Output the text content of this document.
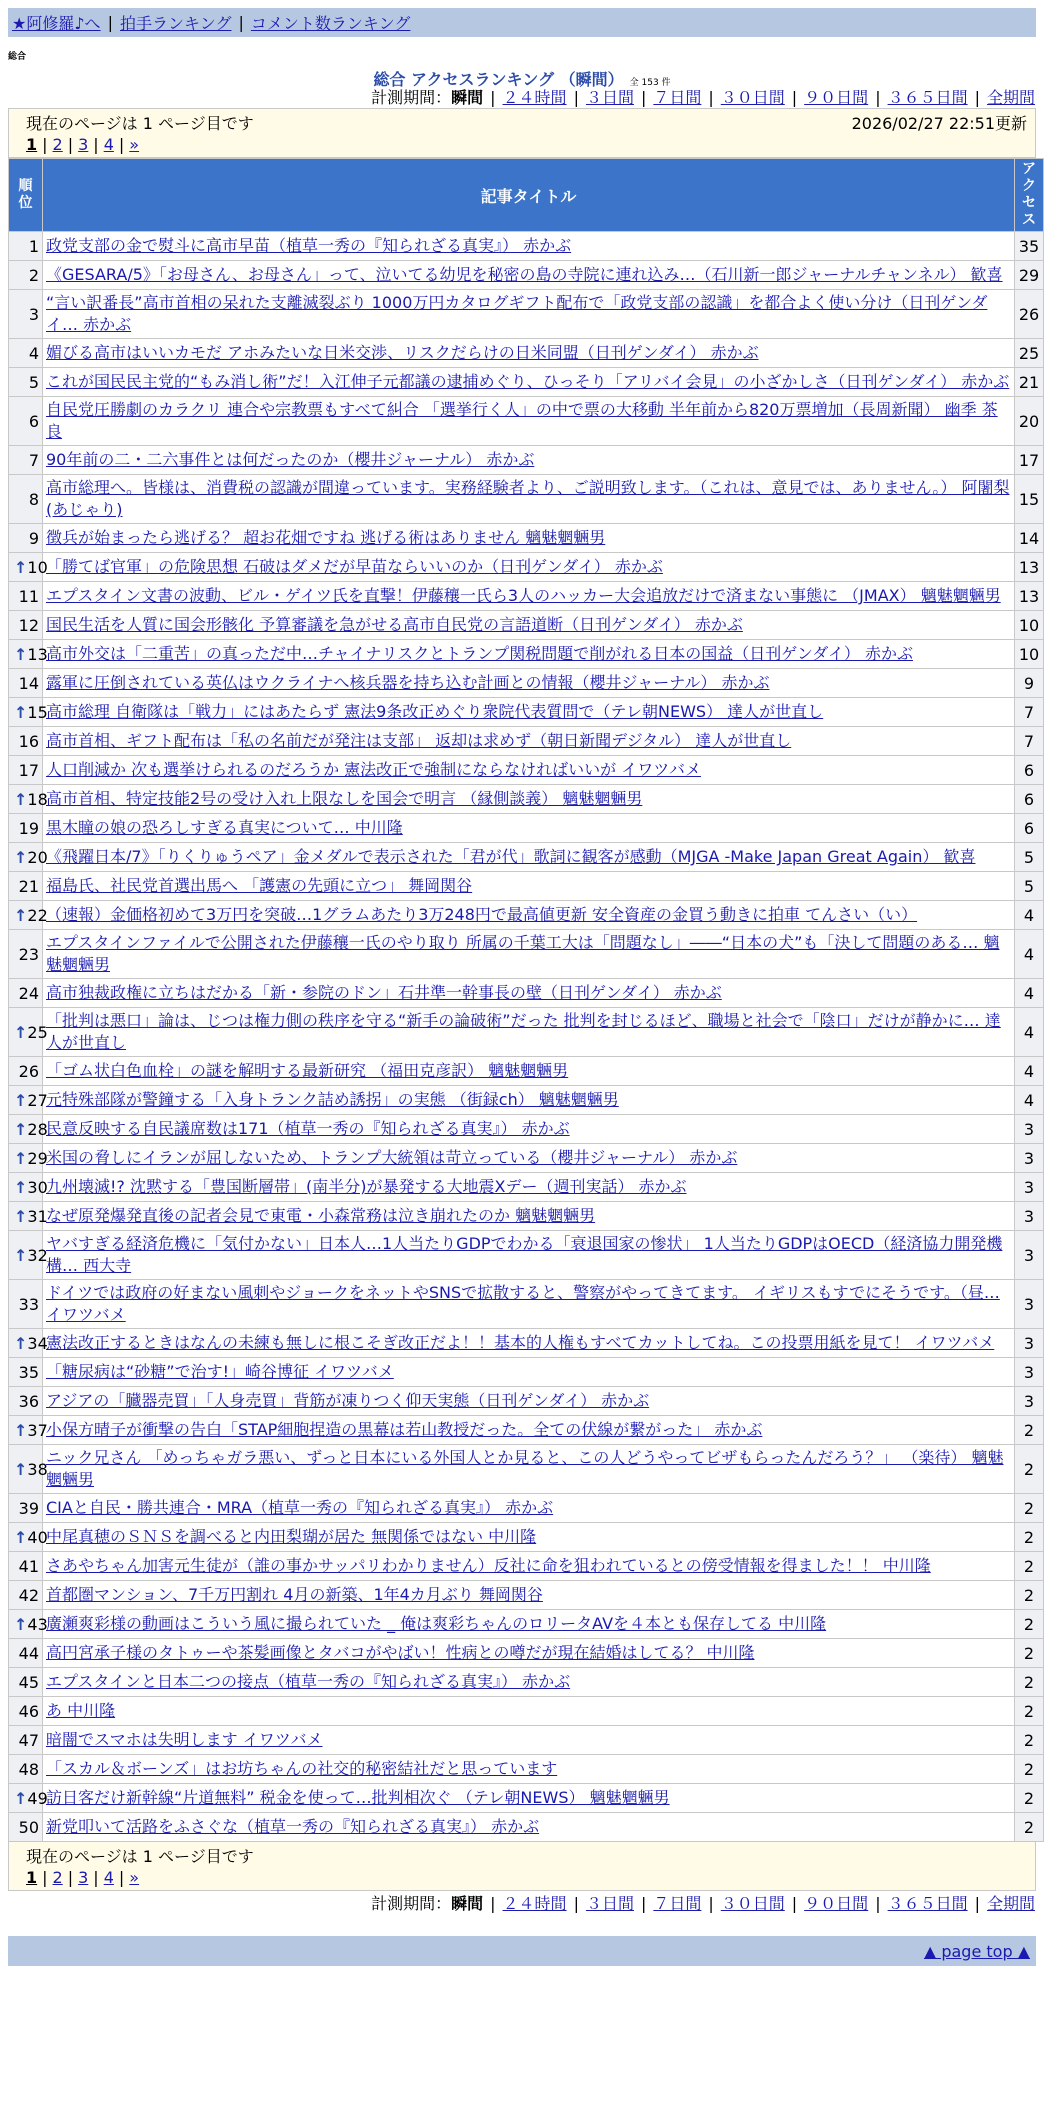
★阿修羅♪へ | 拍手ランキング | コメント数ランキング
総合
総合 アクセスランキング （瞬間） 全 153 件
計測期間：瞬間 | ２４時間 | ３日間 | ７日間 | ３０日間 | ９０日間 | ３６５日間 | 全期間
現在のページは 1 ページ目です	2026/02/27 22:51更新
1 | 2 | 3 | 4 | »
順位	記事タイトル	アクセス
1	政党支部の金で熨斗に高市早苗（植草一秀の『知られざる真実』） 赤かぶ	35
2	《GESARA/5》「お母さん、お母さん」って、泣いてる幼児を秘密の島の寺院に連れ込み…（石川新一郎ジャーナルチャンネル） 歓喜	29
3	“言い訳番長”高市首相の呆れた支離滅裂ぶり 1000万円カタログギフト配布で「政党支部の認識」を都合よく使い分け（日刊ゲンダイ… 赤かぶ	26
4	媚びる高市はいいカモだ アホみたいな日米交渉、リスクだらけの日米同盟（日刊ゲンダイ） 赤かぶ	25
5	これが国民民主党的“もみ消し術”だ！入江伸子元都議の逮捕めぐり、ひっそり「アリバイ会見」の小ざかしさ（日刊ゲンダイ） 赤かぶ	21
6	自民党圧勝劇のカラクリ 連合や宗教票もすべて糾合 「選挙行く人」の中で票の大移動 半年前から820万票増加（長周新聞） 幽季 茶良	20
7	90年前の二・二六事件とは何だったのか（櫻井ジャーナル） 赤かぶ	17
8	高市総理へ。皆様は、消費税の認識が間違っています。実務経験者より、ご説明致します。（これは、意見では、ありません。） 阿闍梨(あじゃり)	15
9	徴兵が始まったら逃げる？ 超お花畑ですね 逃げる術はありません 魑魅魍魎男	14

↑ 10	「勝てば官軍」の危険思想 石破はダメだが早苗ならいいのか（日刊ゲンダイ） 赤かぶ	13
11	エプスタイン文書の波動、ビル・ゲイツ氏を直撃！伊藤穰一氏ら3人のハッカー大会追放だけで済まない事態に （JMAX） 魑魅魍魎男	13
12	国民生活を人質に国会形骸化 予算審議を急がせる高市自民党の言語道断（日刊ゲンダイ） 赤かぶ	10

↑ 13	高市外交は「二重苦」の真っただ中…チャイナリスクとトランプ関税問題で削がれる日本の国益（日刊ゲンダイ） 赤かぶ	10
14	露軍に圧倒されている英仏はウクライナへ核兵器を持ち込む計画との情報（櫻井ジャーナル） 赤かぶ	9

↑ 15	高市総理 自衛隊は「戦力」にはあたらず 憲法9条改正めぐり衆院代表質問で（テレ朝NEWS） 達人が世直し	7
16	高市首相、ギフト配布は「私の名前だが発注は支部」 返却は求めず（朝日新聞デジタル） 達人が世直し	7
17	人口削減か 次も選挙けられるのだろうか 憲法改正で強制にならなければいいが イワツバメ	6

↑ 18	高市首相、特定技能2号の受け入れ上限なしを国会で明言 （縁側談義） 魑魅魍魎男	6
19	黒木瞳の娘の恐ろしすぎる真実について… 中川隆	6

↑ 20	《飛躍日本/7》「りくりゅうペア」金メダルで表示された「君が代」歌詞に観客が感動（MJGA -Make Japan Great Again） 歓喜	5
21	福島氏、社民党首選出馬へ 「護憲の先頭に立つ」 舞岡関谷	5

↑ 22	（速報）金価格初めて3万円を突破…1グラムあたり3万248円で最高値更新 安全資産の金買う動きに拍車 てんさい（い）	4
23	エプスタインファイルで公開された伊藤穰一氏のやり取り 所属の千葉工大は「問題なし」――“日本の犬”も「決して問題のある… 魑魅魍魎男	4
24	高市独裁政権に立ちはだかる「新・参院のドン」石井準一幹事長の壁（日刊ゲンダイ） 赤かぶ	4

↑ 25	「批判は悪口」論は、じつは権力側の秩序を守る“新手の論破術”だった 批判を封じるほど、職場と社会で「陰口」だけが静かに… 達人が世直し	4
26	「ゴム状白色血栓」の謎を解明する最新研究 （福田克彦訳） 魑魅魍魎男	4

↑ 27	元特殊部隊が警鐘する「入身トランク詰め誘拐」の実態 （街録ch） 魑魅魍魎男	4

↑ 28	民意反映する自民議席数は171（植草一秀の『知られざる真実』） 赤かぶ	3

↑ 29	米国の脅しにイランが屈しないため、トランプ大統領は苛立っている（櫻井ジャーナル） 赤かぶ	3

↑ 30	九州壊滅!? 沈黙する「豊国断層帯」(南半分)が暴発する大地震Xデー（週刊実話） 赤かぶ	3

↑ 31	なぜ原発爆発直後の記者会見で東電・小森常務は泣き崩れたのか 魑魅魍魎男	3

↑ 32	ヤバすぎる経済危機に「気付かない」日本人…1人当たりGDPでわかる「衰退国家の惨状」 1人当たりGDPはOECD（経済協力開発機構… 西大寺	3
33	ドイツでは政府の好まない風刺やジョークをネットやSNSで拡散すると、警察がやってきてます。 イギリスもすでにそうです。（昼… イワツバメ	3

↑ 34	憲法改正するときはなんの未練も無しに根こそぎ改正だよ！！基本的人権もすべてカットしてね。この投票用紙を見て！ イワツバメ	3
35	「糖尿病は“砂糖”で治す!」崎谷博征 イワツバメ	3
36	アジアの「臓器売買」「人身売買」背筋が凍りつく仰天実態（日刊ゲンダイ） 赤かぶ	3

↑ 37	小保方晴子が衝撃の告白「STAP細胞捏造の黒幕は若山教授だった。全ての伏線が繋がった」 赤かぶ	2

↑ 38	ニック兄さん 「めっちゃガラ悪い、ずっと日本にいる外国人とか見ると、この人どうやってビザもらったんだろう？」 （楽待） 魑魅魍魎男	2
39	CIAと自民・勝共連合・MRA（植草一秀の『知られざる真実』） 赤かぶ	2

↑ 40	中尾真穂のＳＮＳを調べると内田梨瑚が居た 無関係ではない 中川隆	2
41	さあやちゃん加害元生徒が（誰の事かサッパリわかりません）反社に命を狙われているとの傍受情報を得ました！！ 中川隆	2
42	首都圏マンション、7千万円割れ 4月の新築、1年4カ月ぶり 舞岡関谷	2

↑ 43	廣瀬爽彩様の動画はこういう風に撮られていた _ 俺は爽彩ちゃんのロリータAVを４本とも保存してる 中川隆	2
44	高円宮承子様のタトゥーや茶髪画像とタバコがやばい！性病との噂だが現在結婚はしてる？ 中川隆	2
45	エプスタインと日本二つの接点（植草一秀の『知られざる真実』） 赤かぶ	2
46	あ 中川隆	2
47	暗闇でスマホは失明します イワツバメ	2
48	「スカル＆ボーンズ」はお坊ちゃんの社交的秘密結社だと思っています	2

↑ 49	訪日客だけ新幹線“片道無料” 税金を使って…批判相次ぐ （テレ朝NEWS） 魑魅魍魎男	2
50	新党叩いて活路をふさぐな（植草一秀の『知られざる真実』） 赤かぶ	2
現在のページは 1 ページ目です
1 | 2 | 3 | 4 | »
計測期間：瞬間 | ２４時間 | ３日間 | ７日間 | ３０日間 | ９０日間 | ３６５日間 | 全期間
▲ page top ▲
